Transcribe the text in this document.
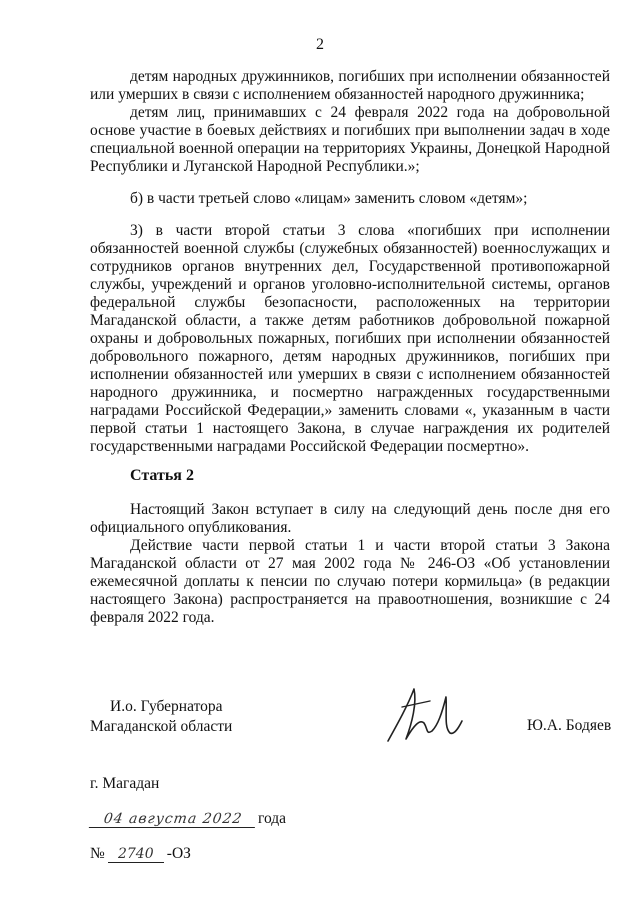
2

детям народных дружинников, погибших при исполнении обязанностей или умерших в связи с исполнением обязанностей народного дружинника;

детям лиц, принимавших с 24 февраля 2022 года на добровольной основе участие в боевых действиях и погибших при выполнении задач в ходе специальной военной операции на территориях Украины, Донецкой Народной Республики и Луганской Народной Республики.»;

б) в части третьей слово «лицам» заменить словом «детям»;

3) в части второй статьи 3 слова «погибших при исполнении обязанностей военной службы (служебных обязанностей) военнослужащих и сотрудников органов внутренних дел, Государственной противопожарной службы, учреждений и органов уголовно-исполнительной системы, органов федеральной службы безопасности, расположенных на территории Магаданской области, а также детям работников добровольной пожарной охраны и добровольных пожарных, погибших при исполнении обязанностей добровольного пожарного, детям народных дружинников, погибших при исполнении обязанностей или умерших в связи с исполнением обязанностей народного дружинника, и посмертно награжденных государственными наградами Российской Федерации,» заменить словами «, указанным в части первой статьи 1 настоящего Закона, в случае награждения их родителей государственными наградами Российской Федерации посмертно».

Статья 2

Настоящий Закон вступает в силу на следующий день после дня его официального опубликования.

Действие части первой статьи 1 и части второй статьи 3 Закона Магаданской области от 27 мая 2002 года № 246-ОЗ «Об установлении ежемесячной доплаты к пенсии по случаю потери кормильца» (в редакции настоящего Закона) распространяется на правоотношения, возникшие с 24 февраля 2022 года.

И.о. Губернатора
Магаданской области	Ю.А. Бодяев
г. Магадан
04 августа 2022 года
№ 2740 -ОЗ
